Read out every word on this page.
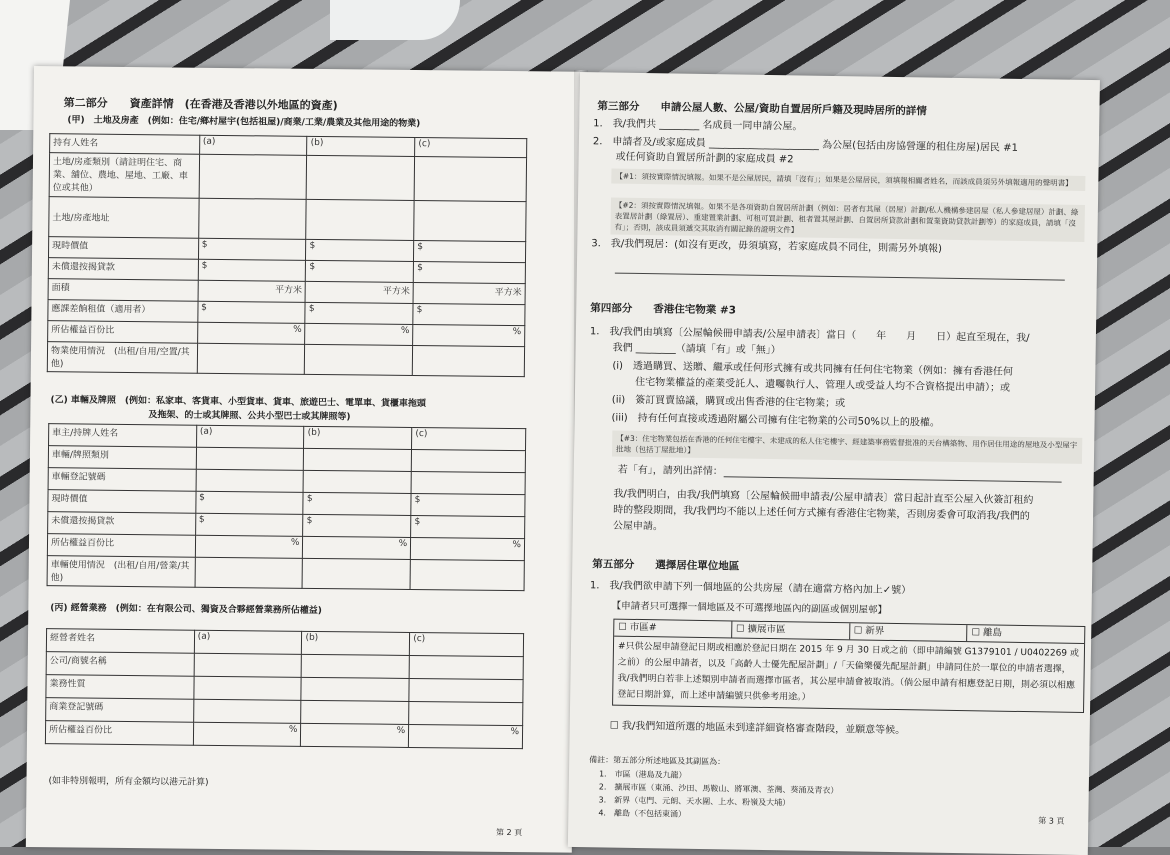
第二部分　　資產詳情　(在香港及香港以外地區的資產)
(甲)　土地及房產　(例如：住宅/鄉村屋宇(包括祖屋)/商業/工業/農業及其他用途的物業)
持有人姓名	(a)	(b)	(c)
土地/房產類別（請註明住宅、商業、舖位、農地、屋地、工廠、車位或其他）			
土地/房產地址			
現時價值	$	$	$
未償還按揭貸款	$	$	$
面積	平方米	平方米	平方米
應課差餉租值（適用者）	$	$	$
所佔權益百份比	%	%	%
物業使用情況　(出租/自用/空置/其他)			
(乙) 車輛及牌照　(例如：私家車、客貨車、小型貨車、貨車、旅遊巴士、電單車、貨櫃車拖頭
及拖架、的士或其牌照、公共小型巴士或其牌照等)
車主/持牌人姓名	(a)	(b)	(c)
車輛/牌照類別			
車輛登記號碼			
現時價值	$	$	$
未償還按揭貸款	$	$	$
所佔權益百份比	%	%	%
車輛使用情況　(出租/自用/營業/其他)			
(丙) 經營業務　(例如：在有限公司、獨資及合夥經營業務所佔權益)
經營者姓名	(a)	(b)	(c)
公司/商號名稱			
業務性質			
商業登記號碼			
所佔權益百份比	%	%	%
(如非特別報明，所有金額均以港元計算)
第 2 頁
第三部分　　申請公屋人數、公屋/資助自置居所戶籍及現時居所的詳情
1.　我/我們共 ________ 名成員一同申請公屋。
2.　申請者及/或家庭成員 ______________________ 為公屋(包括由房協營運的租住房屋)居民 #1
或任何資助自置居所計劃的家庭成員 #2
【#1：須按實際情況填報。如果不是公屋居民，請填「沒有」；如果是公屋居民，須填報相關者姓名，而該成員須另外填報適用的聲明書】
【#2：須按實際情況填報。如果不是各項資助自置居所計劃（例如：居者有其屋（居屋）計劃/私人機構參建居屋（私人參建居屋）計劃、綠表置居計劃（綠置居）、重建置業計劃、可租可買計劃、租者置其屋計劃、自置居所貸款計劃和置業資助貸款計劃等）的家庭成員，請填「沒有」；否則，該成員須遞交其取消有關記錄的證明文件】
3.　我/我們現居：(如沒有更改，毋須填寫，若家庭成員不同住，則需另外填報)
第四部分　　香港住宅物業 #3
1.　我/我們由填寫〔公屋輪候冊申請表/公屋申請表〕當日（　　年　　月　　日）起直至現在，我/
我們 ________（請填「有」或「無」）
(i)　透過購買、送贈、繼承或任何形式擁有或共同擁有任何住宅物業（例如：擁有香港任何
住宅物業權益的產業受託人、遺囑執行人、管理人或受益人均不合資格提出申請）；或
(ii)　簽訂買賣協議，購買或出售香港的住宅物業；或
(iii)　持有任何直接或透過附屬公司擁有住宅物業的公司50%以上的股權。
【#3：住宅物業包括在香港的任何住宅樓宇、未建成的私人住宅樓宇、經建築事務監督批准的天台構築物、用作居住用途的屋地及小型屋宇批地（包括丁屋批地）】
若「有」，請列出詳情：
我/我們明白，由我/我們填寫〔公屋輪候冊申請表/公屋申請表〕當日起計直至公屋入伙簽訂租約
時的整段期間，我/我們均不能以上述任何方式擁有香港住宅物業，否則房委會可取消我/我們的
公屋申請。
第五部分　　選擇居住單位地區
1.　我/我們欲申請下列一個地區的公共房屋（請在適當方格內加上✓號）
【申請者只可選擇一個地區及不可選擇地區內的副區或個別屋邨】
☐ 市區#	☐ 擴展市區	☐ 新界	☐ 離島
#只供公屋申請登記日期或相應於登記日期在 2015 年 9 月 30 日或之前（即申請編號 G1379101 / U0402269 或之前）的公屋申請者，以及「高齡人士優先配屋計劃」/「天倫樂優先配屋計劃」申請同住於一單位的申請者選擇，我/我們明白若非上述類別申請者而選擇市區者，其公屋申請會被取消。（倘公屋申請有相應登記日期，則必須以相應登記日期計算，而上述申請編號只供參考用途。）
☐ 我/我們知道所選的地區未到達詳細資格審查階段，並願意等候。
備註：第五部分所述地區及其副區為：
1.　市區（港島及九龍）
2.　擴展市區（東涌、沙田、馬鞍山、將軍澳、荃灣、葵涌及青衣）
3.　新界（屯門、元朗、天水圍、上水、粉嶺及大埔）
4.　離島（不包括東涌）
第 3 頁
